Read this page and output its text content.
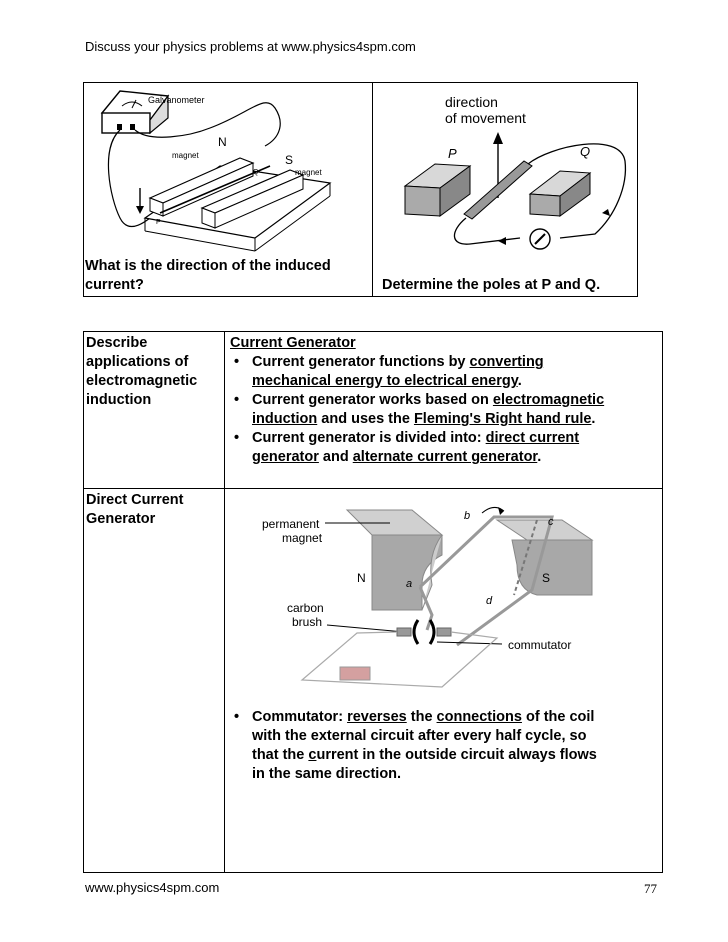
Discuss your physics problems at www.physics4spm.com
Galvanometer
N
S
magnet
magnet
P
Q
What is the direction of the induced
current?
direction
of movement
P	Q
Determine the poles at P and Q.
Describe
applications of
electromagnetic
induction
Current Generator
• Current generator functions by converting
mechanical energy to electrical energy.
• Current generator works based on electromagnetic
induction and uses the Fleming's Right hand rule.
• Current generator is divided into: direct current
generator and alternate current generator.
Direct Current
Generator
N	S
a
b	c
d
permanent
magnet
carbon
brush
commutator
• Commutator: reverses the connections of the coil
with the external circuit after every half cycle, so
that the current in the outside circuit always flows
in the same direction.
www.physics4spm.com	77
